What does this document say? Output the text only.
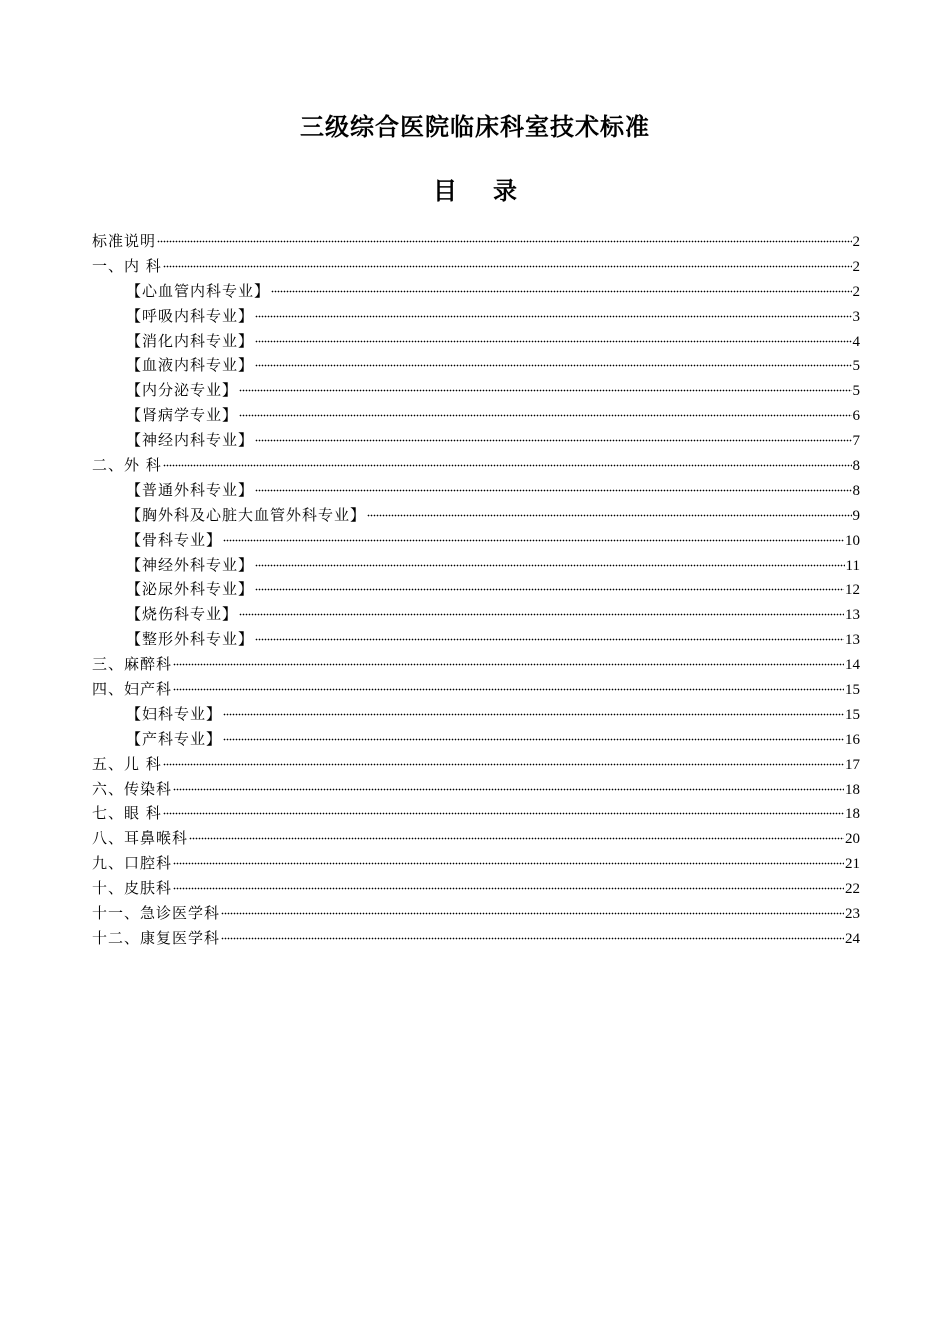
三级综合医院临床科室技术标准
目 录
标准说明	2
一、内 科	2
【心血管内科专业】	2
【呼吸内科专业】	3
【消化内科专业】	4
【血液内科专业】	5
【内分泌专业】	5
【肾病学专业】	6
【神经内科专业】	7
二、外 科	8
【普通外科专业】	8
【胸外科及心脏大血管外科专业】	9
【骨科专业】	10
【神经外科专业】	11
【泌尿外科专业】	12
【烧伤科专业】	13
【整形外科专业】	13
三、麻醉科	14
四、妇产科	15
【妇科专业】	15
【产科专业】	16
五、儿 科	17
六、传染科	18
七、眼 科	18
八、耳鼻喉科	20
九、口腔科	21
十、皮肤科	22
十一、急诊医学科	23
十二、康复医学科	24
